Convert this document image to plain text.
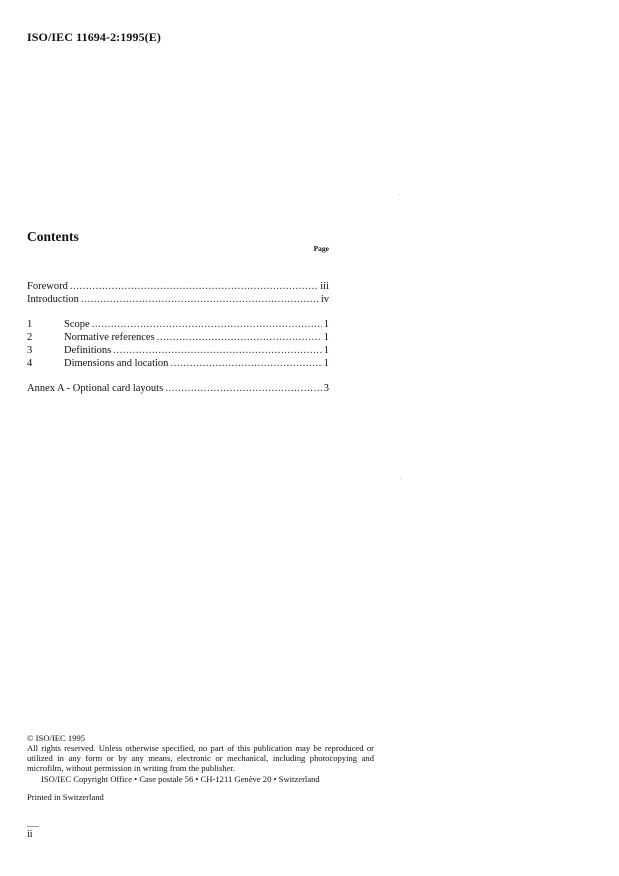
ISO/IEC 11694-2:1995(E)
Contents
Page
Foreword .....	iii
Introduction .....	iv
1	Scope .....	1
2	Normative references .....	1
3	Definitions .....	1
4	Dimensions and location .....	1
Annex A - Optional card layouts .....	3
© ISO/IEC 1995
All rights reserved. Unless otherwise specified, no part of this publication may be reproduced or utilized in any form or by any means, electronic or mechanical, including photocopying and microfilm, without permission in writing from the publisher.
ISO/IEC Copyright Office • Case postale 56 • CH-1211 Genève 20 • Switzerland
Printed in Switzerland
ii
